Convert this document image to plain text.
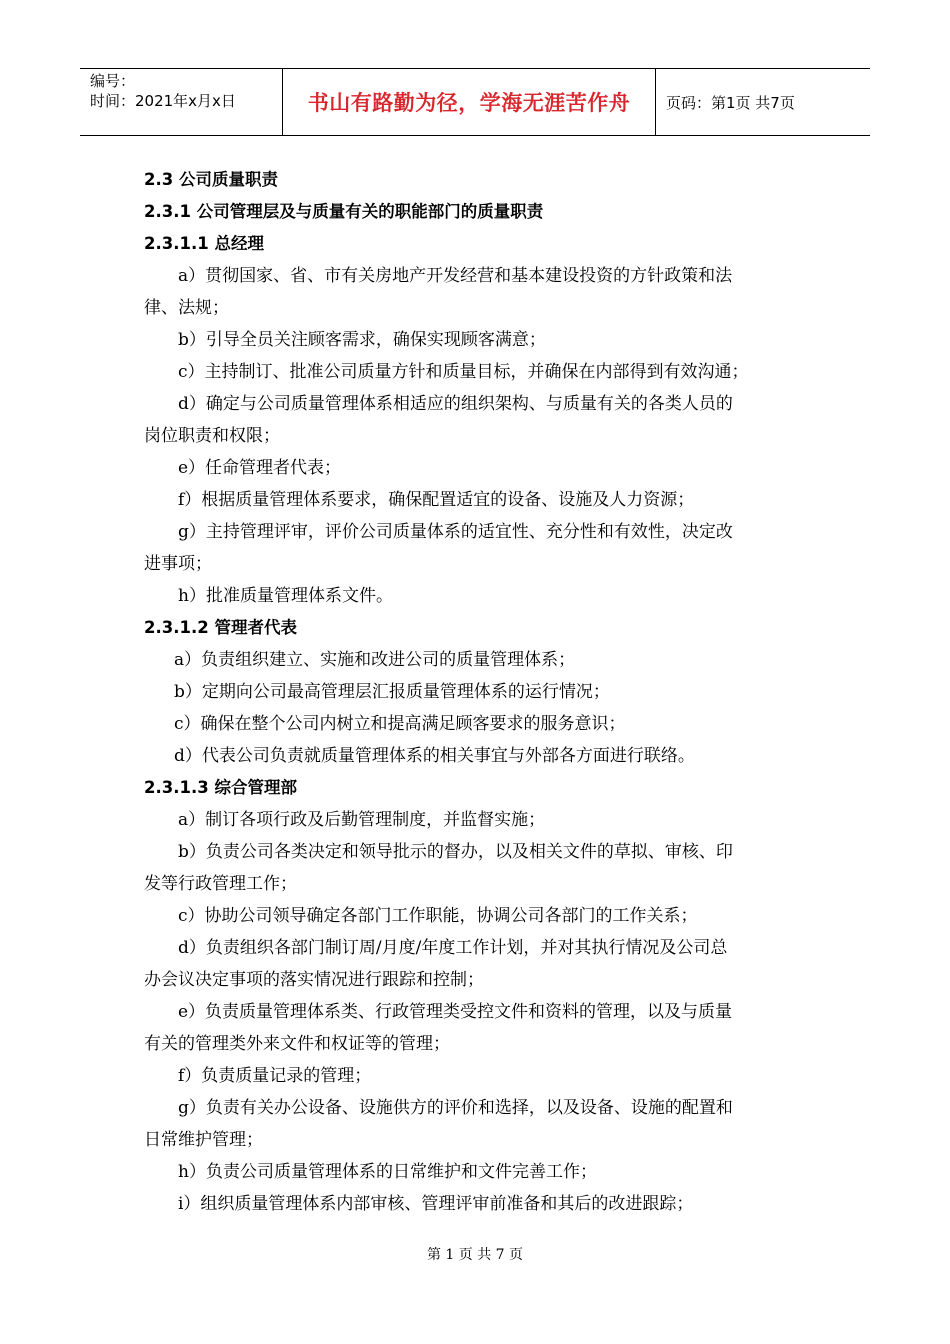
编号：
时间：2021年x月x日	书山有路勤为径，学海无涯苦作舟 页码：第1页 共7页
2.3 公司质量职责
2.3.1 公司管理层及与质量有关的职能部门的质量职责
2.3.1.1 总经理
a）贯彻国家、省、市有关房地产开发经营和基本建设投资的方针政策和法
律、法规；
b）引导全员关注顾客需求，确保实现顾客满意；
c）主持制订、批准公司质量方针和质量目标，并确保在内部得到有效沟通；
d）确定与公司质量管理体系相适应的组织架构、与质量有关的各类人员的
岗位职责和权限；
e）任命管理者代表；
f）根据质量管理体系要求，确保配置适宜的设备、设施及人力资源；
g）主持管理评审，评价公司质量体系的适宜性、充分性和有效性，决定改
进事项；
h）批准质量管理体系文件。
2.3.1.2 管理者代表
a）负责组织建立、实施和改进公司的质量管理体系；
b）定期向公司最高管理层汇报质量管理体系的运行情况；
c）确保在整个公司内树立和提高满足顾客要求的服务意识；
d）代表公司负责就质量管理体系的相关事宜与外部各方面进行联络。
2.3.1.3 综合管理部
a）制订各项行政及后勤管理制度，并监督实施；
b）负责公司各类决定和领导批示的督办，以及相关文件的草拟、审核、印
发等行政管理工作；
c）协助公司领导确定各部门工作职能，协调公司各部门的工作关系；
d）负责组织各部门制订周/月度/年度工作计划，并对其执行情况及公司总
办会议决定事项的落实情况进行跟踪和控制；
e）负责质量管理体系类、行政管理类受控文件和资料的管理，以及与质量
有关的管理类外来文件和权证等的管理；
f）负责质量记录的管理；
g）负责有关办公设备、设施供方的评价和选择，以及设备、设施的配置和
日常维护管理；
h）负责公司质量管理体系的日常维护和文件完善工作；
i）组织质量管理体系内部审核、管理评审前准备和其后的改进跟踪；
第 1 页 共 7 页
